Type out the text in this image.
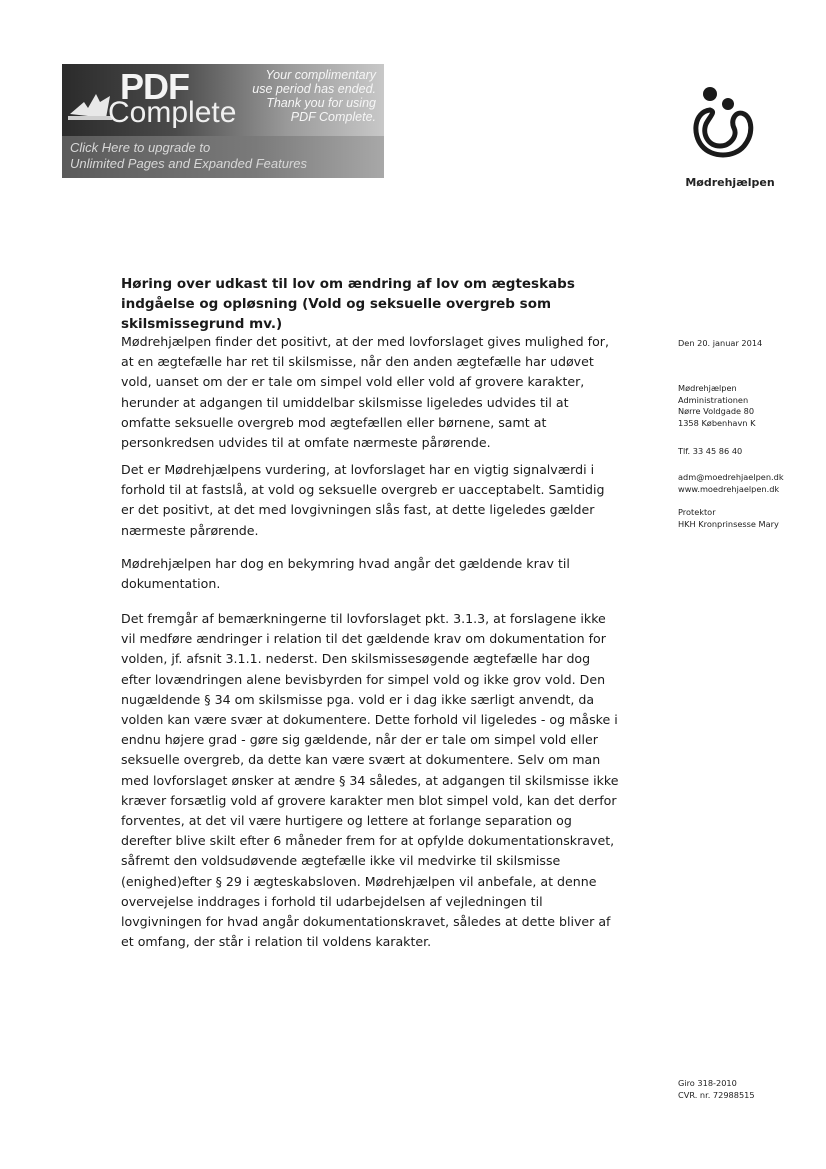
PDF
Complete
Your complimentary
use period has ended.
Thank you for using
PDF Complete.
Click Here to upgrade to
Unlimited Pages and Expanded Features
Mødrehjælpen
Høring over udkast til lov om ændring af lov om ægteskabs indgåelse og opløsning (Vold og seksuelle overgreb som skilsmissegrund mv.)

Mødrehjælpen finder det positivt, at der med lovforslaget gives mulighed for, at en ægtefælle har ret til skilsmisse, når den anden ægtefælle har udøvet vold, uanset om der er tale om simpel vold eller vold af grovere karakter, herunder at adgangen til umiddelbar skilsmisse ligeledes udvides til at omfatte seksuelle overgreb mod ægtefællen eller børnene, samt at personkredsen udvides til at omfate nærmeste pårørende.

Det er Mødrehjælpens vurdering, at lovforslaget har en vigtig signalværdi i forhold til at fastslå, at vold og seksuelle overgreb er uacceptabelt. Samtidig er det positivt, at det med lovgivningen slås fast, at dette ligeledes gælder nærmeste pårørende.

Mødrehjælpen har dog en bekymring hvad angår det gældende krav til dokumentation.

Det fremgår af bemærkningerne til lovforslaget pkt. 3.1.3, at forslagene ikke vil medføre ændringer i relation til det gældende krav om dokumentation for volden, jf. afsnit 3.1.1. nederst. Den skilsmissesøgende ægtefælle har dog efter lovændringen alene bevisbyrden for simpel vold og ikke grov vold. Den nugældende § 34 om skilsmisse pga. vold er i dag ikke særligt anvendt, da volden kan være svær at dokumentere. Dette forhold vil ligeledes - og måske i endnu højere grad - gøre sig gældende, når der er tale om simpel vold eller seksuelle overgreb, da dette kan være svært at dokumentere. Selv om man med lovforslaget ønsker at ændre § 34 således, at adgangen til skilsmisse ikke kræver forsætlig vold af grovere karakter men blot simpel vold, kan det derfor forventes, at det vil være hurtigere og lettere at forlange separation og derefter blive skilt efter 6 måneder frem for at opfylde dokumentationskravet, såfremt den voldsudøvende ægtefælle ikke vil medvirke til skilsmisse (enighed)efter § 29 i ægteskabsloven. Mødrehjælpen vil anbefale, at denne overvejelse inddrages i forhold til udarbejdelsen af vejledningen til lovgivningen for hvad angår dokumentationskravet, således at dette bliver af et omfang, der står i relation til voldens karakter.

Den 20. januar 2014
Mødrehjælpen
Administrationen
Nørre Voldgade 80
1358 København K
Tlf. 33 45 86 40
adm@moedrehjaelpen.dk
www.moedrehjaelpen.dk
Protektor
HKH Kronprinsesse Mary
Giro 318-2010
CVR. nr. 72988515
